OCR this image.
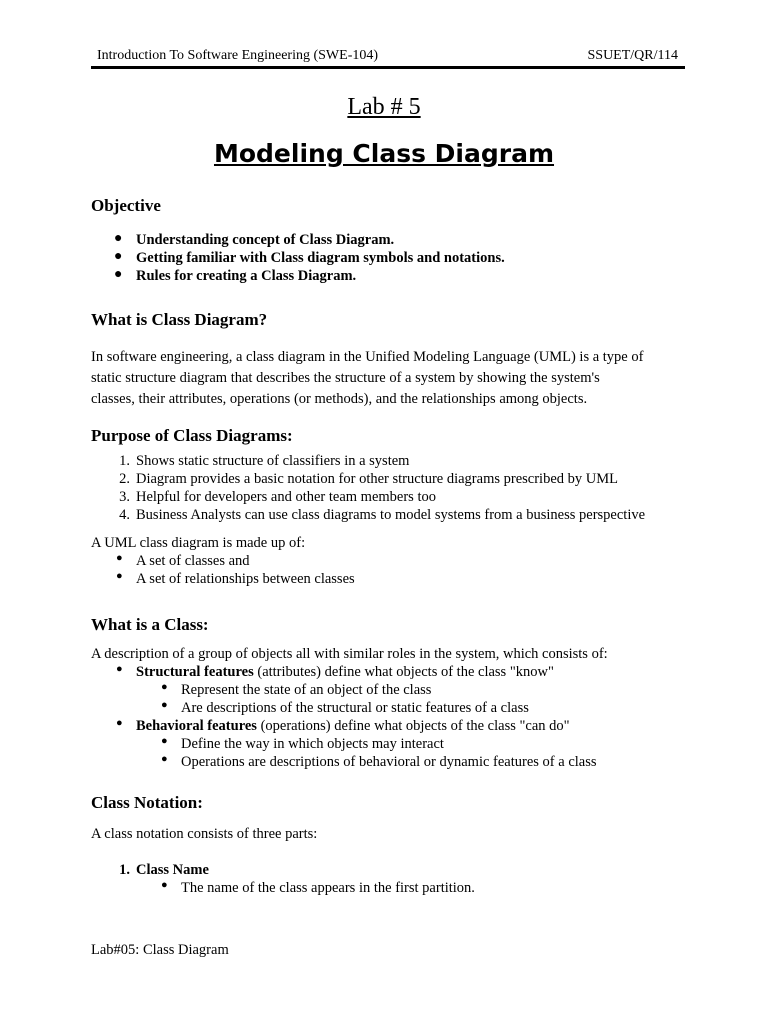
Introduction To Software Engineering (SWE-104)	SSUET/QR/114
Lab # 5
Modeling Class Diagram
Objective
● Understanding concept of Class Diagram.
● Getting familiar with Class diagram symbols and notations.
● Rules for creating a Class Diagram.
What is Class Diagram?
In software engineering, a class diagram in the Unified Modeling Language (UML) is a type of
static structure diagram that describes the structure of a system by showing the system's
classes, their attributes, operations (or methods), and the relationships among objects.
Purpose of Class Diagrams:
1. Shows static structure of classifiers in a system
2. Diagram provides a basic notation for other structure diagrams prescribed by UML
3. Helpful for developers and other team members too
4. Business Analysts can use class diagrams to model systems from a business perspective
A UML class diagram is made up of:
● A set of classes and
● A set of relationships between classes
What is a Class:
A description of a group of objects all with similar roles in the system, which consists of:
● Structural features (attributes) define what objects of the class "know"
● Represent the state of an object of the class
● Are descriptions of the structural or static features of a class
● Behavioral features (operations) define what objects of the class "can do"
● Define the way in which objects may interact
● Operations are descriptions of behavioral or dynamic features of a class
Class Notation:
A class notation consists of three parts:
1. Class Name
● The name of the class appears in the first partition.
Lab#05: Class Diagram
